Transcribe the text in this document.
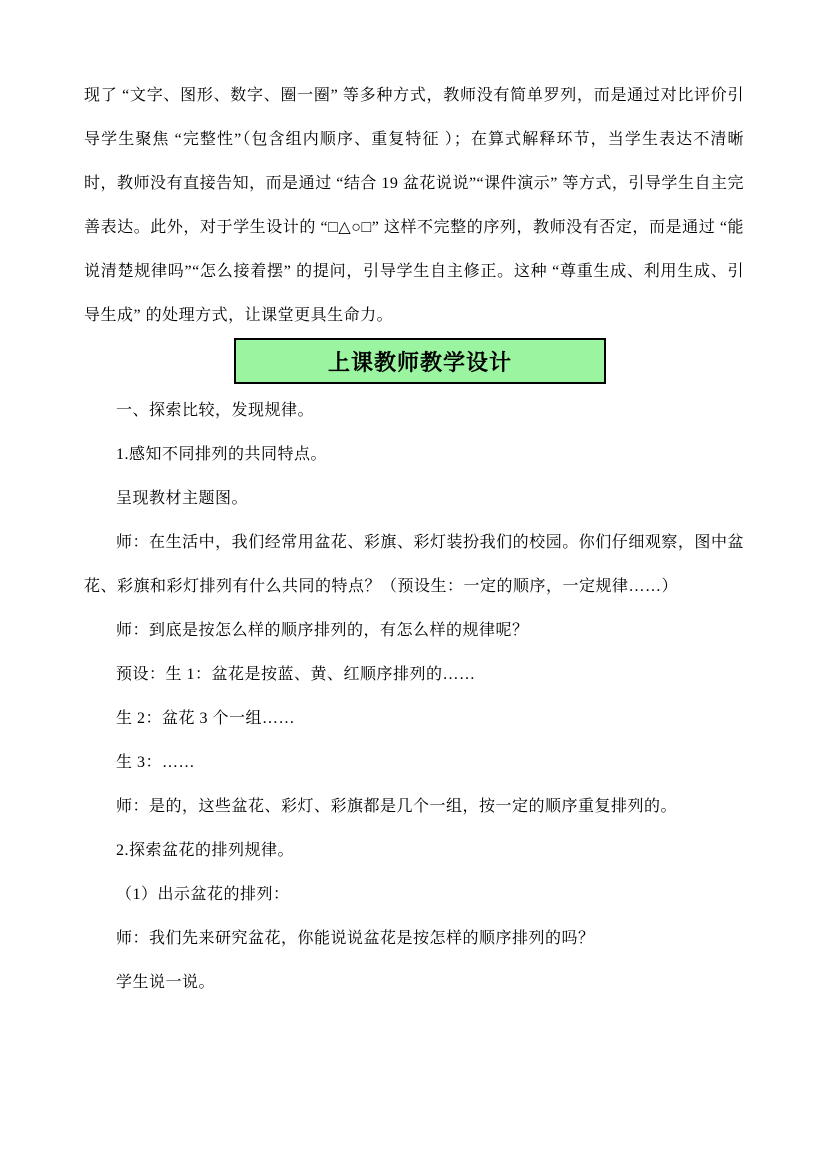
现了 “文字、图形、数字、圈一圈” 等多种方式，教师没有简单罗列，而是通过对比评价引导学生聚焦 “完整性”（包含组内顺序、重复特征 ）；在算式解释环节，当学生表达不清晰时，教师没有直接告知，而是通过 “结合 19 盆花说说”“课件演示” 等方式，引导学生自主完善表达。此外，对于学生设计的 “□△○□” 这样不完整的序列，教师没有否定，而是通过 “能说清楚规律吗”“怎么接着摆” 的提问，引导学生自主修正。这种 “尊重生成、利用生成、引导生成” 的处理方式，让课堂更具生命力。

上课教师教学设计

一、探索比较，发现规律。

1.感知不同排列的共同特点。

呈现教材主题图。

师：在生活中，我们经常用盆花、彩旗、彩灯装扮我们的校园。你们仔细观察，图中盆花、彩旗和彩灯排列有什么共同的特点？（预设生：一定的顺序，一定规律……）

师：到底是按怎么样的顺序排列的，有怎么样的规律呢？

预设：生 1：盆花是按蓝、黄、红顺序排列的……

生 2：盆花 3 个一组……

生 3：……

师：是的，这些盆花、彩灯、彩旗都是几个一组，按一定的顺序重复排列的。

2.探索盆花的排列规律。

（1）出示盆花的排列：

师：我们先来研究盆花，你能说说盆花是按怎样的顺序排列的吗？

学生说一说。
